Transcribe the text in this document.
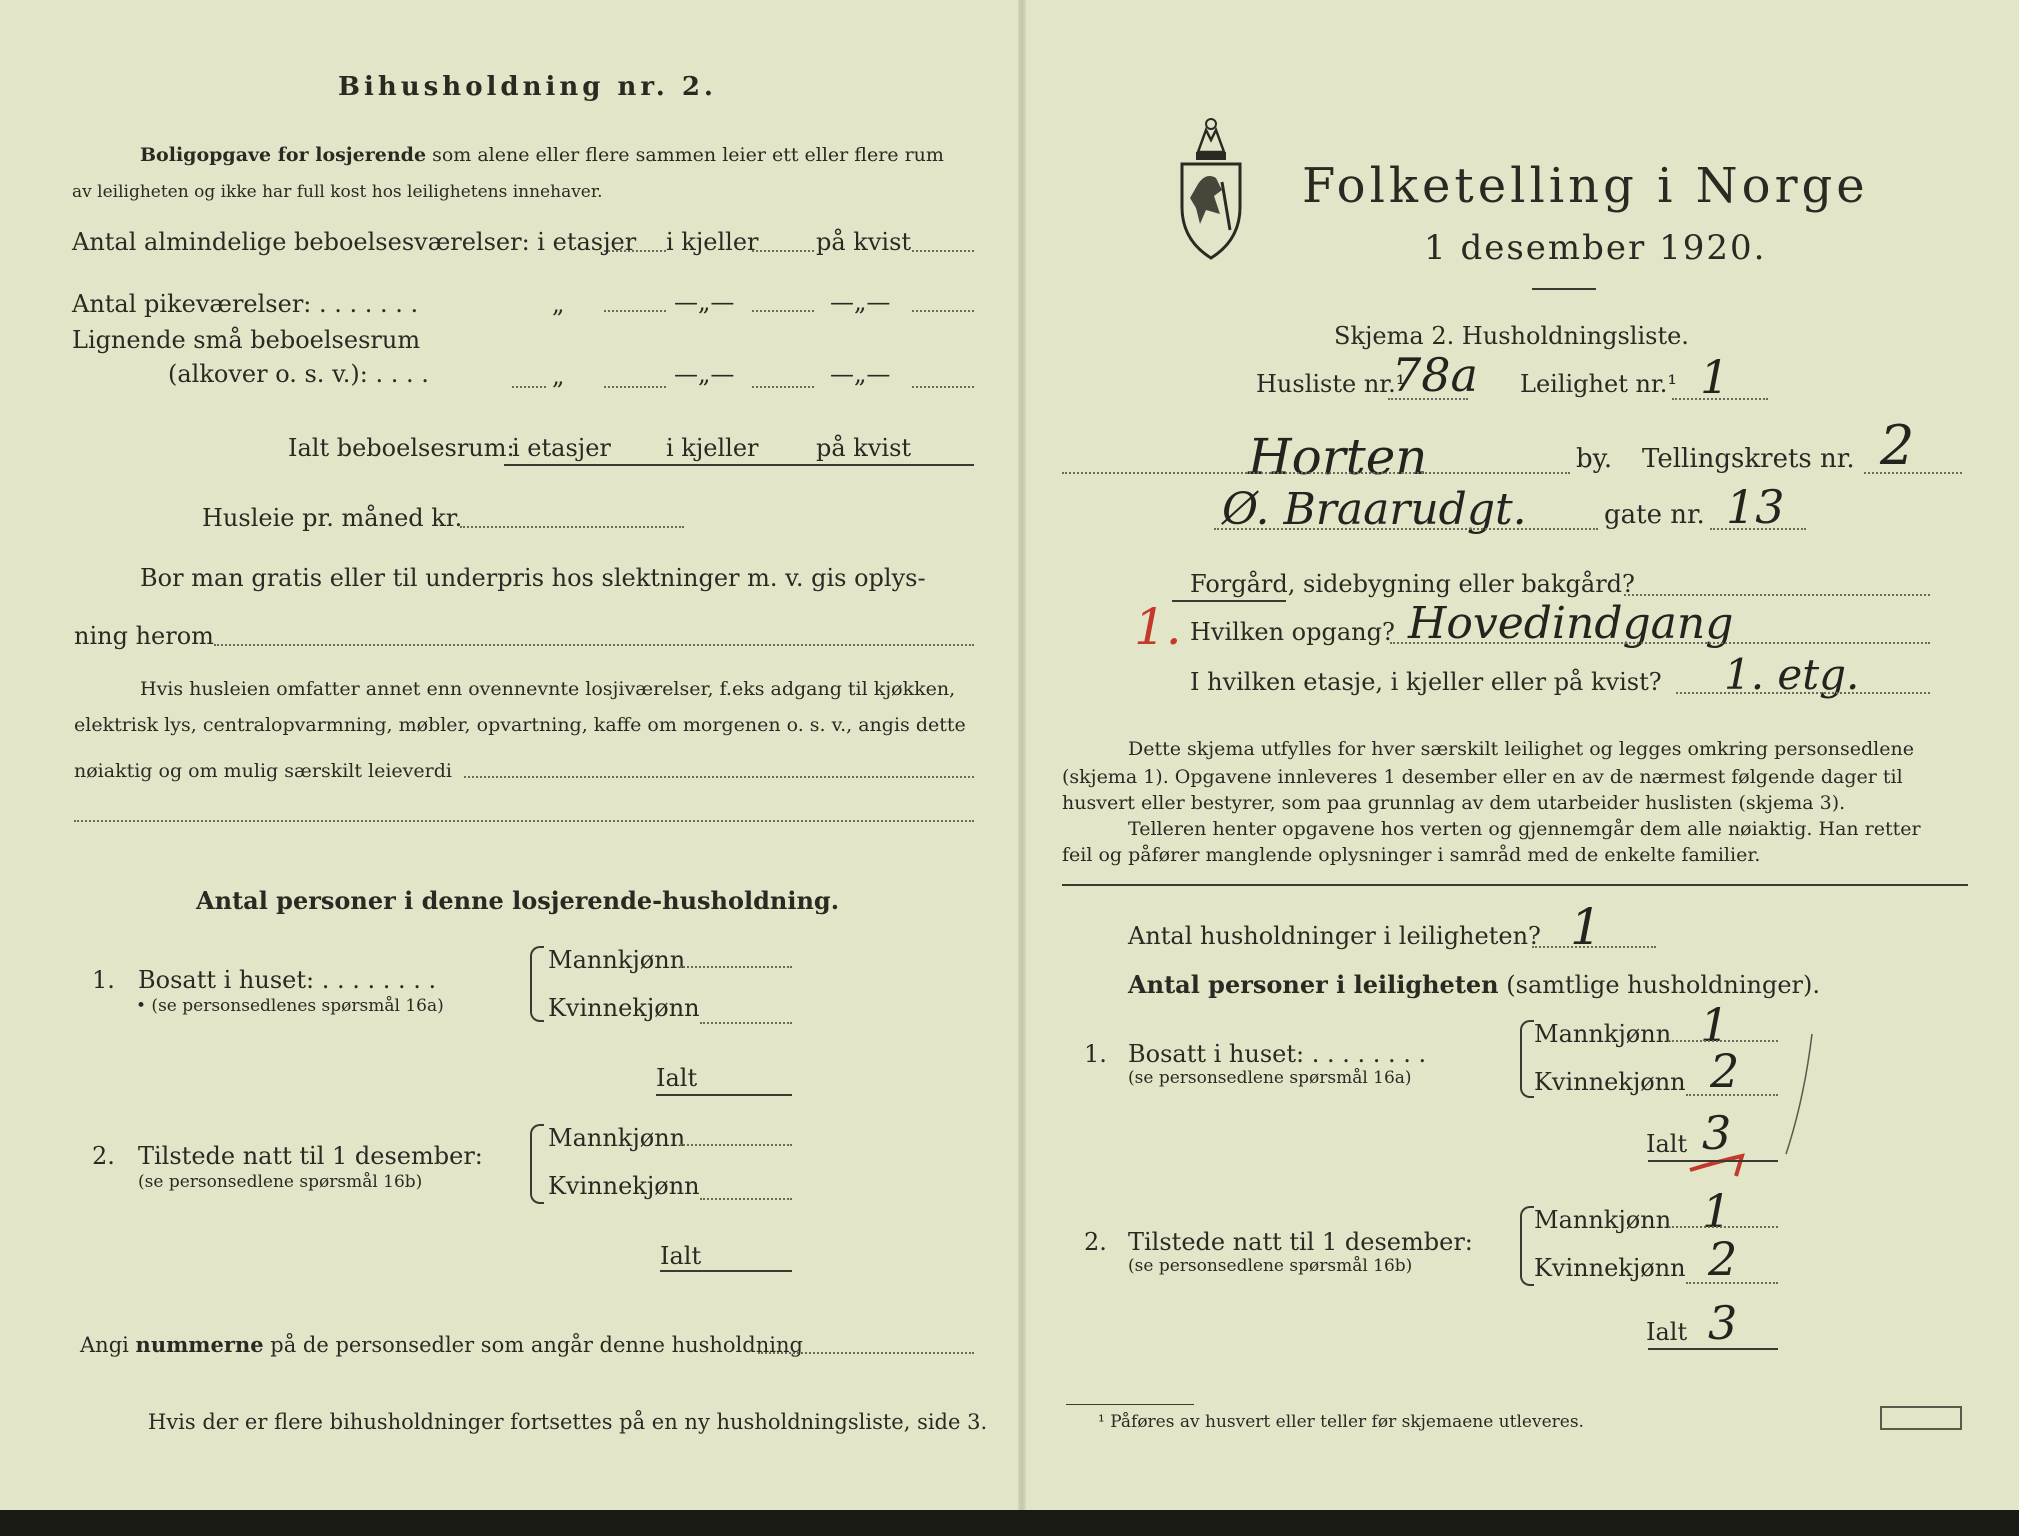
Bihusholdning nr. 2.
Boligopgave for losjerende som alene eller flere sammen leier ett eller flere rum
av leiligheten og ikke har full kost hos leilighetens innehaver.
Antal almindelige beboelsesværelser: i etasjer i kjeller på kvist
Antal pikeværelser: . . . . . . .	„	—„—	—„—
Lignende små beboelsesrum
(alkover o. s. v.): . . . .	„	—„—	—„—
Ialt beboelsesrum:
i etasjer i kjeller på kvist
Husleie pr. måned kr.
Bor man gratis eller til underpris hos slektninger m. v. gis oplys-
ning herom
Hvis husleien omfatter annet enn ovennevnte losjiværelser, f.eks adgang til kjøkken,
elektrisk lys, centralopvarmning, møbler, opvartning, kaffe om morgenen o. s. v., angis dette
nøiaktig og om mulig særskilt leieverdi
Antal personer i denne losjerende-husholdning.
1. Bosatt i huset: . . . . . . . .
• (se personsedlenes spørsmål 16a)
Mannkjønn
Kvinnekjønn
Ialt
2. Tilstede natt til 1 desember:
(se personsedlene spørsmål 16b)
Mannkjønn
Kvinnekjønn
Ialt
Angi nummerne på de personsedler som angår denne husholdning
Hvis der er flere bihusholdninger fortsettes på en ny husholdningsliste, side 3.
Folketelling i Norge
1 desember 1920.
Skjema 2. Husholdningsliste.
Husliste nr.¹
78a Leilighet nr.¹ 1
Horten	by. Tellingskrets nr. 2
Ø. Braarudgt.	gate nr. 13
Forgård, sidebygning eller bakgård?
1. Hvilken opgang? Hovedindgang
I hvilken etasje, i kjeller eller på kvist? 1. etg.
Dette skjema utfylles for hver særskilt leilighet og legges omkring personsedlene
(skjema 1). Opgavene innleveres 1 desember eller en av de nærmest følgende dager til
husvert eller bestyrer, som paa grunnlag av dem utarbeider huslisten (skjema 3).
Telleren henter opgavene hos verten og gjennemgår dem alle nøiaktig. Han retter
feil og påfører manglende oplysninger i samråd med de enkelte familier.
Antal husholdninger i leiligheten? 1
Antal personer i leiligheten (samtlige husholdninger).
1. Bosatt i huset: . . . . . . . .
(se personsedlene spørsmål 16a)
Mannkjønn 1
Kvinnekjønn 2
Ialt 3
2. Tilstede natt til 1 desember:
(se personsedlene spørsmål 16b)
Mannkjønn 1
Kvinnekjønn 2
Ialt 3
¹ Påføres av husvert eller teller før skjemaene utleveres.
